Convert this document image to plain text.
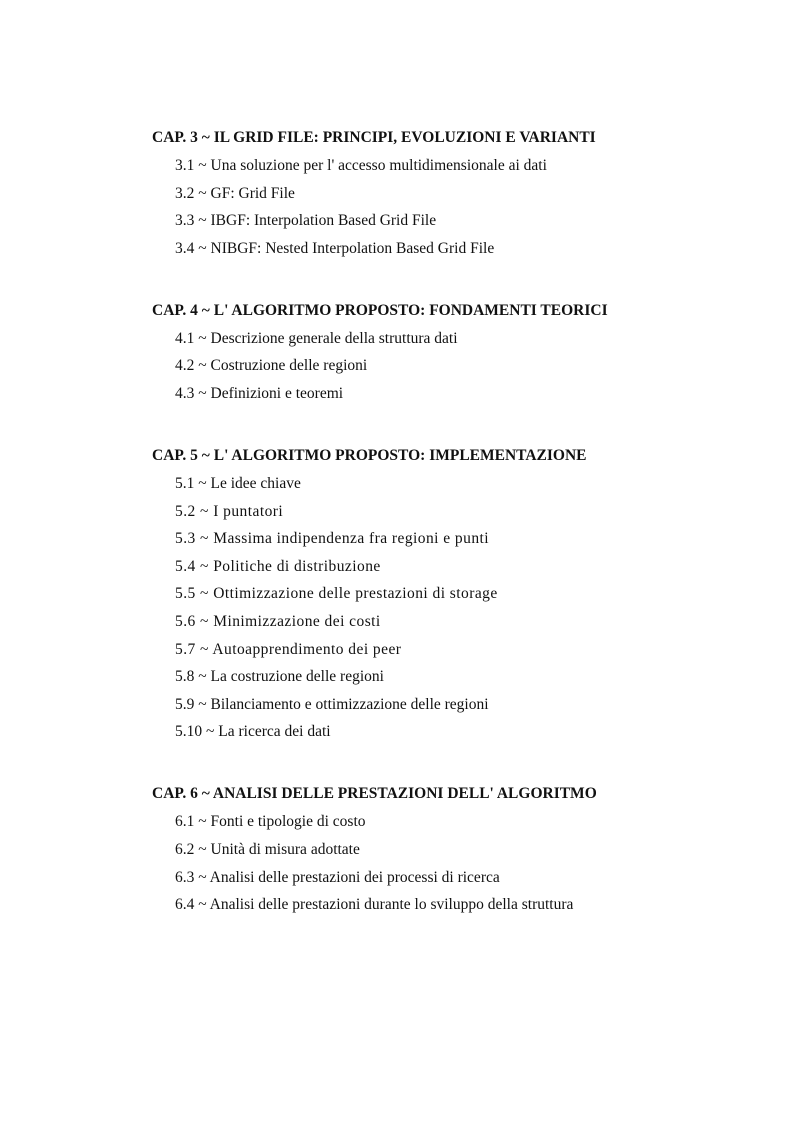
CAP. 3 ~ IL GRID FILE: PRINCIPI, EVOLUZIONI E VARIANTI
3.1 ~ Una soluzione per l' accesso multidimensionale ai dati
3.2 ~ GF: Grid File
3.3 ~ IBGF: Interpolation Based Grid File
3.4 ~ NIBGF: Nested Interpolation Based Grid File
CAP. 4 ~ L' ALGORITMO PROPOSTO: FONDAMENTI TEORICI
4.1 ~ Descrizione generale della struttura dati
4.2 ~ Costruzione delle regioni
4.3 ~ Definizioni e teoremi
CAP. 5 ~ L' ALGORITMO PROPOSTO: IMPLEMENTAZIONE
5.1 ~ Le idee chiave
5.2 ~ I puntatori
5.3 ~ Massima indipendenza fra regioni e punti
5.4 ~ Politiche di distribuzione
5.5 ~ Ottimizzazione delle prestazioni di storage
5.6 ~ Minimizzazione dei costi
5.7 ~ Autoapprendimento dei peer
5.8 ~ La costruzione delle regioni
5.9 ~ Bilanciamento e ottimizzazione delle regioni
5.10 ~ La ricerca dei dati
CAP. 6 ~ ANALISI DELLE PRESTAZIONI DELL' ALGORITMO
6.1 ~ Fonti e tipologie di costo
6.2 ~ Unità di misura adottate
6.3 ~ Analisi delle prestazioni dei processi di ricerca
6.4 ~ Analisi delle prestazioni durante lo sviluppo della struttura
